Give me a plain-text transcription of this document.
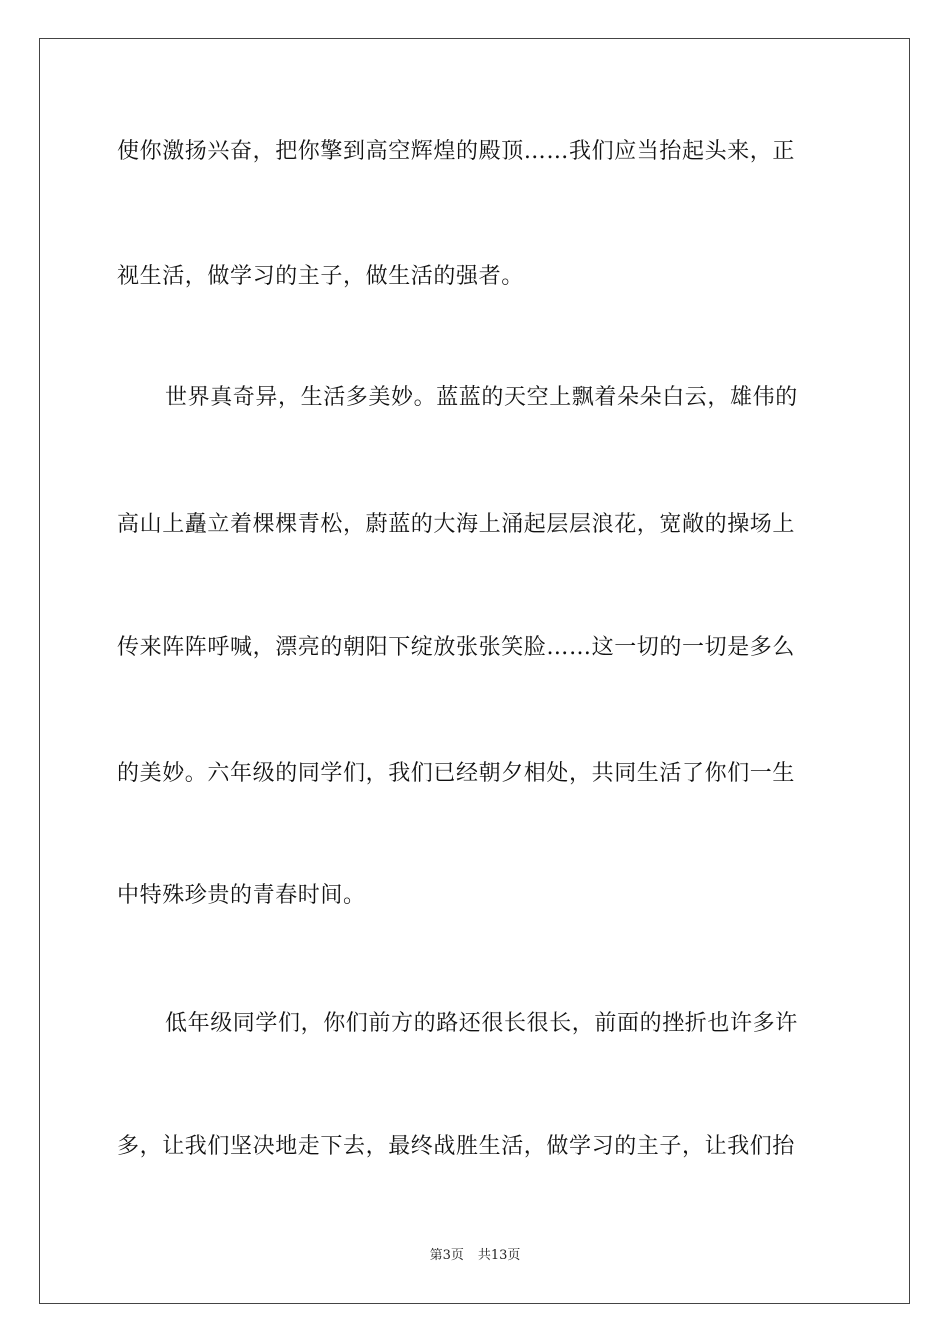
使你激扬兴奋，把你擎到高空辉煌的殿顶……我们应当抬起头来，正
视生活，做学习的主子，做生活的强者。
世界真奇异，生活多美妙。蓝蓝的天空上飘着朵朵白云，雄伟的
高山上矗立着棵棵青松，蔚蓝的大海上涌起层层浪花，宽敞的操场上
传来阵阵呼喊，漂亮的朝阳下绽放张张笑脸……这一切的一切是多么
的美妙。六年级的同学们，我们已经朝夕相处，共同生活了你们一生
中特殊珍贵的青春时间。
低年级同学们，你们前方的路还很长很长，前面的挫折也许多许
多，让我们坚决地走下去，最终战胜生活，做学习的主子，让我们抬
第3页 共13页
